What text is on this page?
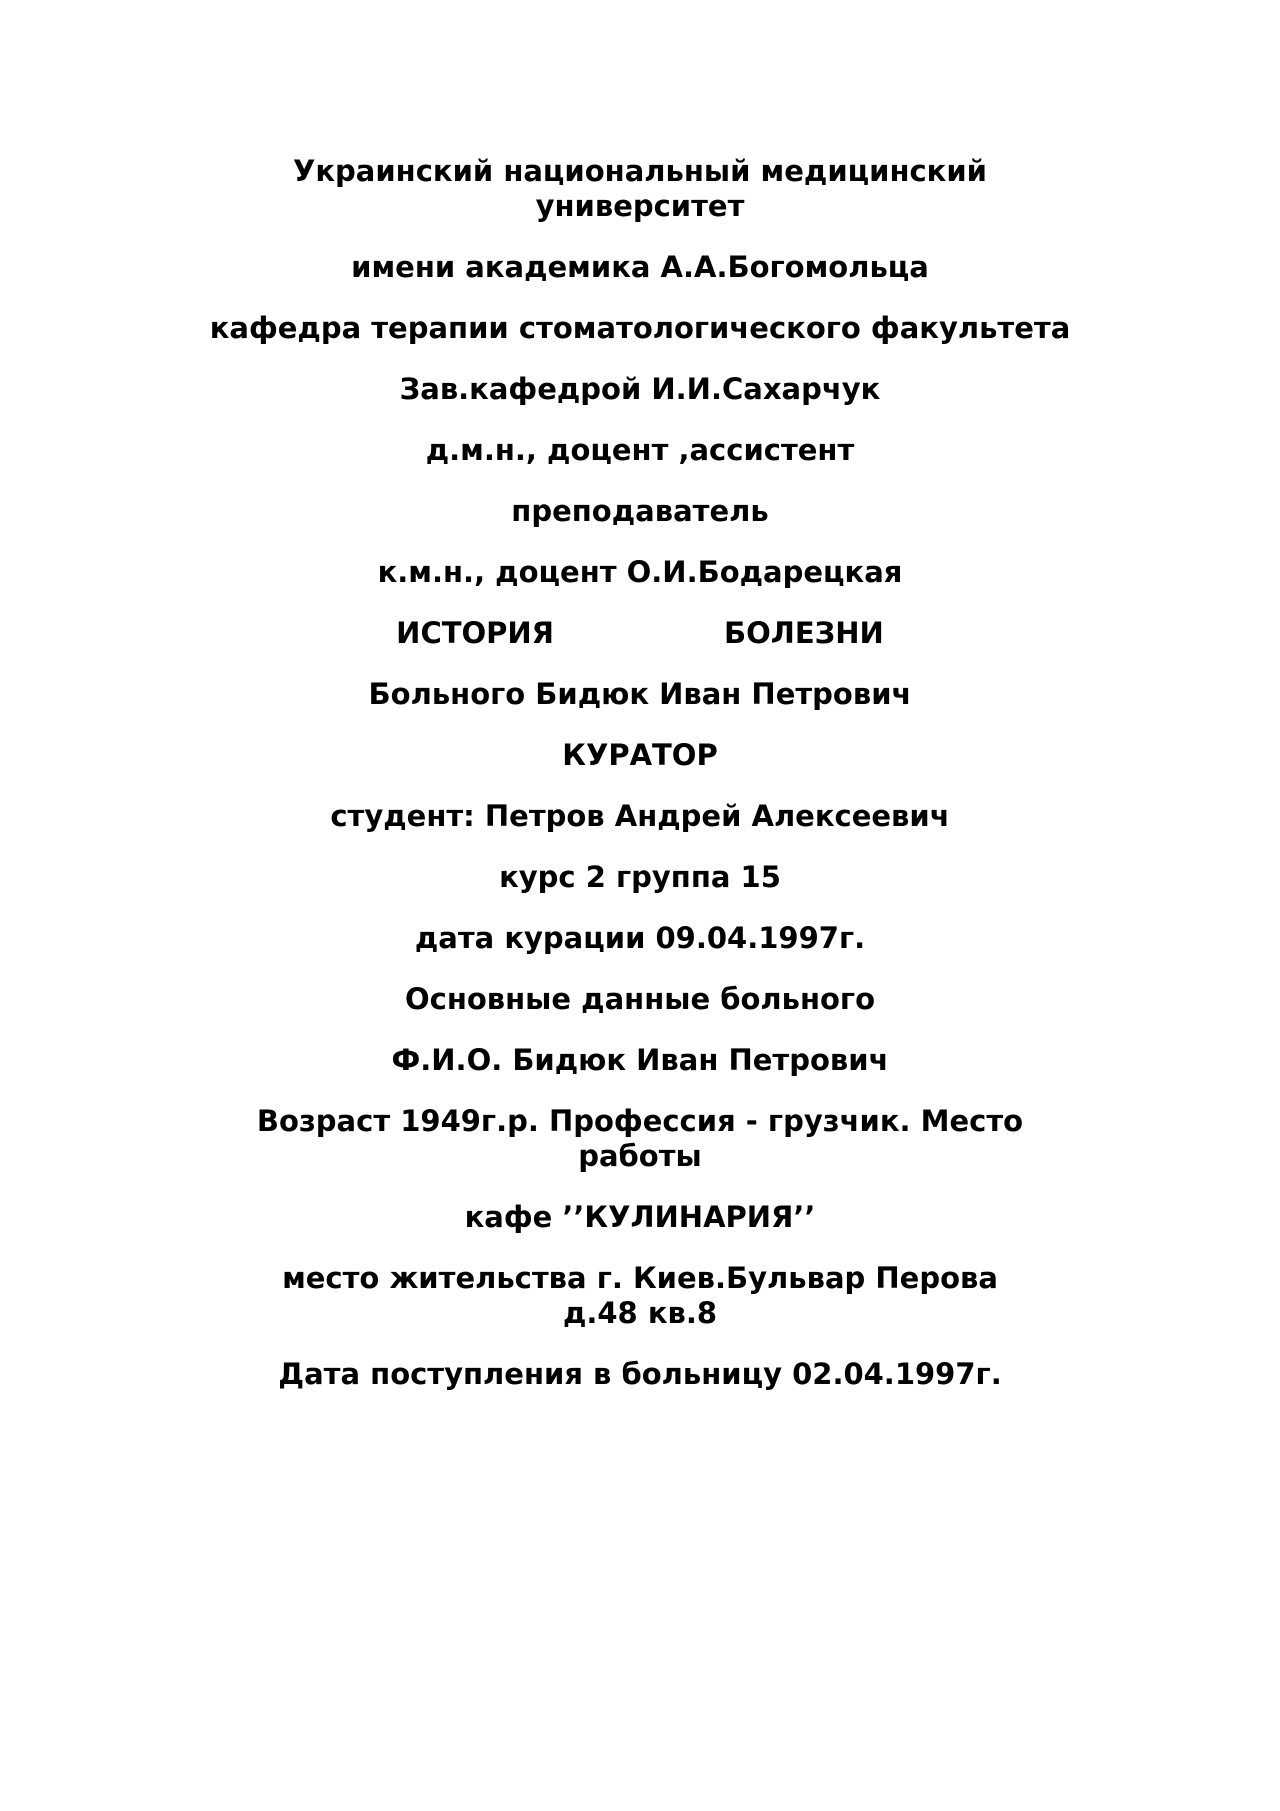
Украинский национальный медицинский университет

имени академика А.А.Богомольца

кафедра терапии стоматологического факультета

Зав.кафедрой И.И.Сахарчук

д.м.н., доцент ,ассистент

преподаватель

к.м.н., доцент О.И.Бодарецкая

ИСТОРИЯ	БОЛЕЗНИ

Больного Бидюк Иван Петрович

КУРАТОР

студент: Петров Андрей Алексеевич

курс 2 группа 15

дата курации 09.04.1997г.

Основные данные больного

Ф.И.О. Бидюк Иван Петрович

Возраст 1949г.р. Профессия - грузчик. Место работы

кафе ’’КУЛИНАРИЯ’’

место жительства г. Киев.Бульвар Перова д.48 кв.8

Дата поступления в больницу 02.04.1997г.
